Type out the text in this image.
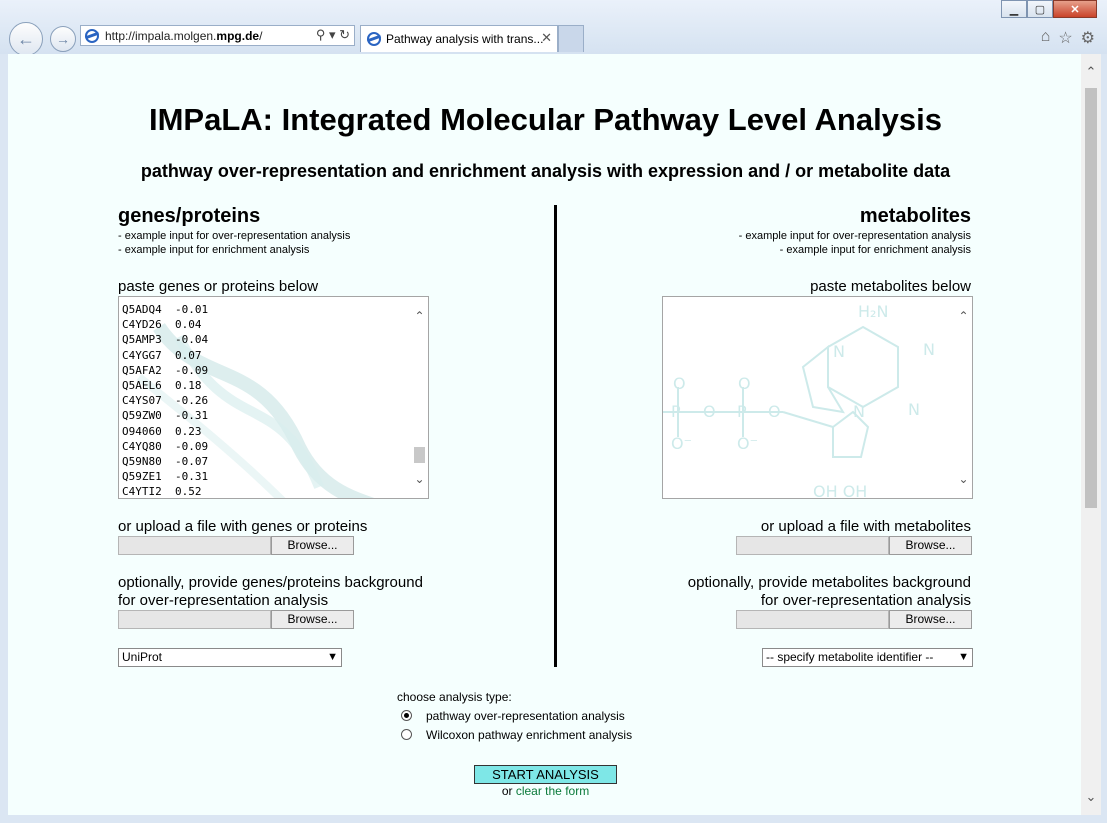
← →	http://impala.molgen.mpg.de/	⚲ ▾ ↻	Pathway analysis with trans...
✕
▁	▢	✕
⌂ ☆ ⚙
IMPaLA: Integrated Molecular Pathway Level Analysis
pathway over-representation and enrichment analysis with expression and / or metabolite data
genes/proteins
- example input for over-representation analysis
- example input for enrichment analysis
paste genes or proteins below
Q5ADQ4  -0.01
C4YD26  0.04
Q5AMP3  -0.04
C4YGG7  0.07
Q5AFA2  -0.09
Q5AEL6  0.18
C4YS07  -0.26
Q59ZW0  -0.31
O94060  0.23
C4YQ80  -0.09
Q59N80  -0.07
Q59ZE1  -0.31
C4YTI2  0.52
⌃
⌄
or upload a file with genes or proteins
Browse...
optionally, provide genes/proteins background
for over-representation analysis
Browse...
UniProt	▼
metabolites
- example input for over-representation analysis
- example input for enrichment analysis
paste metabolites below
H₂N
N
N
N
N
O	O
P	P
O	O
O⁻	O⁻
OH OH
⌃
⌄
or upload a file with metabolites
Browse...
optionally, provide metabolites background
for over-representation analysis
Browse...
-- specify metabolite identifier -- ▼
choose analysis type:
pathway over-representation analysis
Wilcoxon pathway enrichment analysis
START ANALYSIS
or clear the form
⌃
⌄
